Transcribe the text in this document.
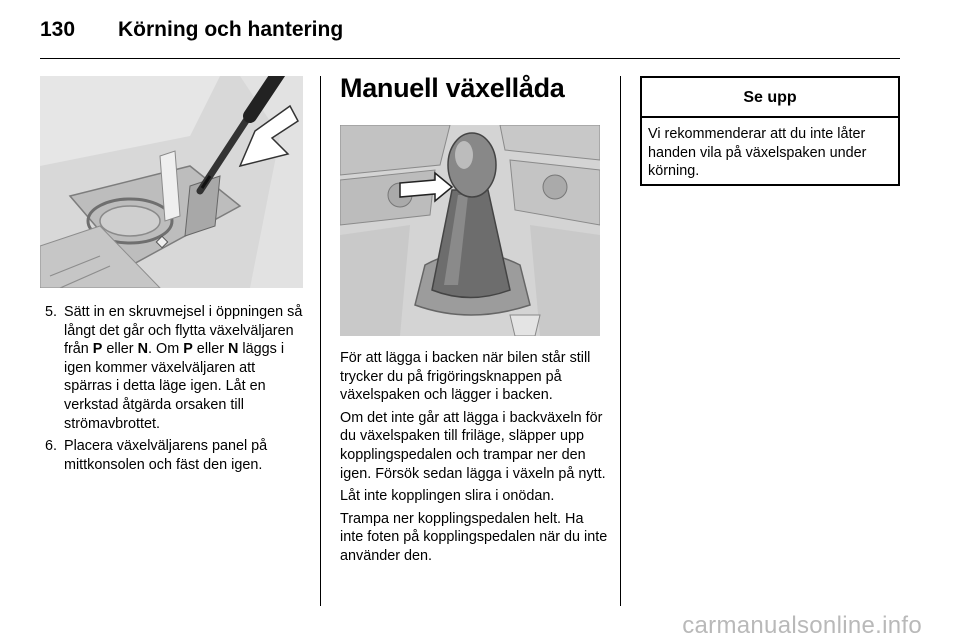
130 Körning och hantering
5. Sätt in en skruvmejsel i öppningen så långt det går och flytta växelväljaren från P eller N. Om P eller N läggs i igen kommer växelväljaren att spärras i detta läge igen. Låt en verkstad åtgärda orsaken till strömavbrottet.
6. Placera växelväljarens panel på mittkonsolen och fäst den igen.
Manuell växellåda

För att lägga i backen när bilen står still trycker du på frigöringsknappen på växelspaken och lägger i backen.

Om det inte går att lägga i backväxeln för du växelspaken till friläge, släpper upp kopplingspedalen och trampar ner den igen. Försök sedan lägga i växeln på nytt.

Låt inte kopplingen slira i onödan.

Trampa ner kopplingspedalen helt. Ha inte foten på kopplingspedalen när du inte använder den.

Se upp
Vi rekommenderar att du inte låter handen vila på växelspaken under körning.
carmanualsonline.info
